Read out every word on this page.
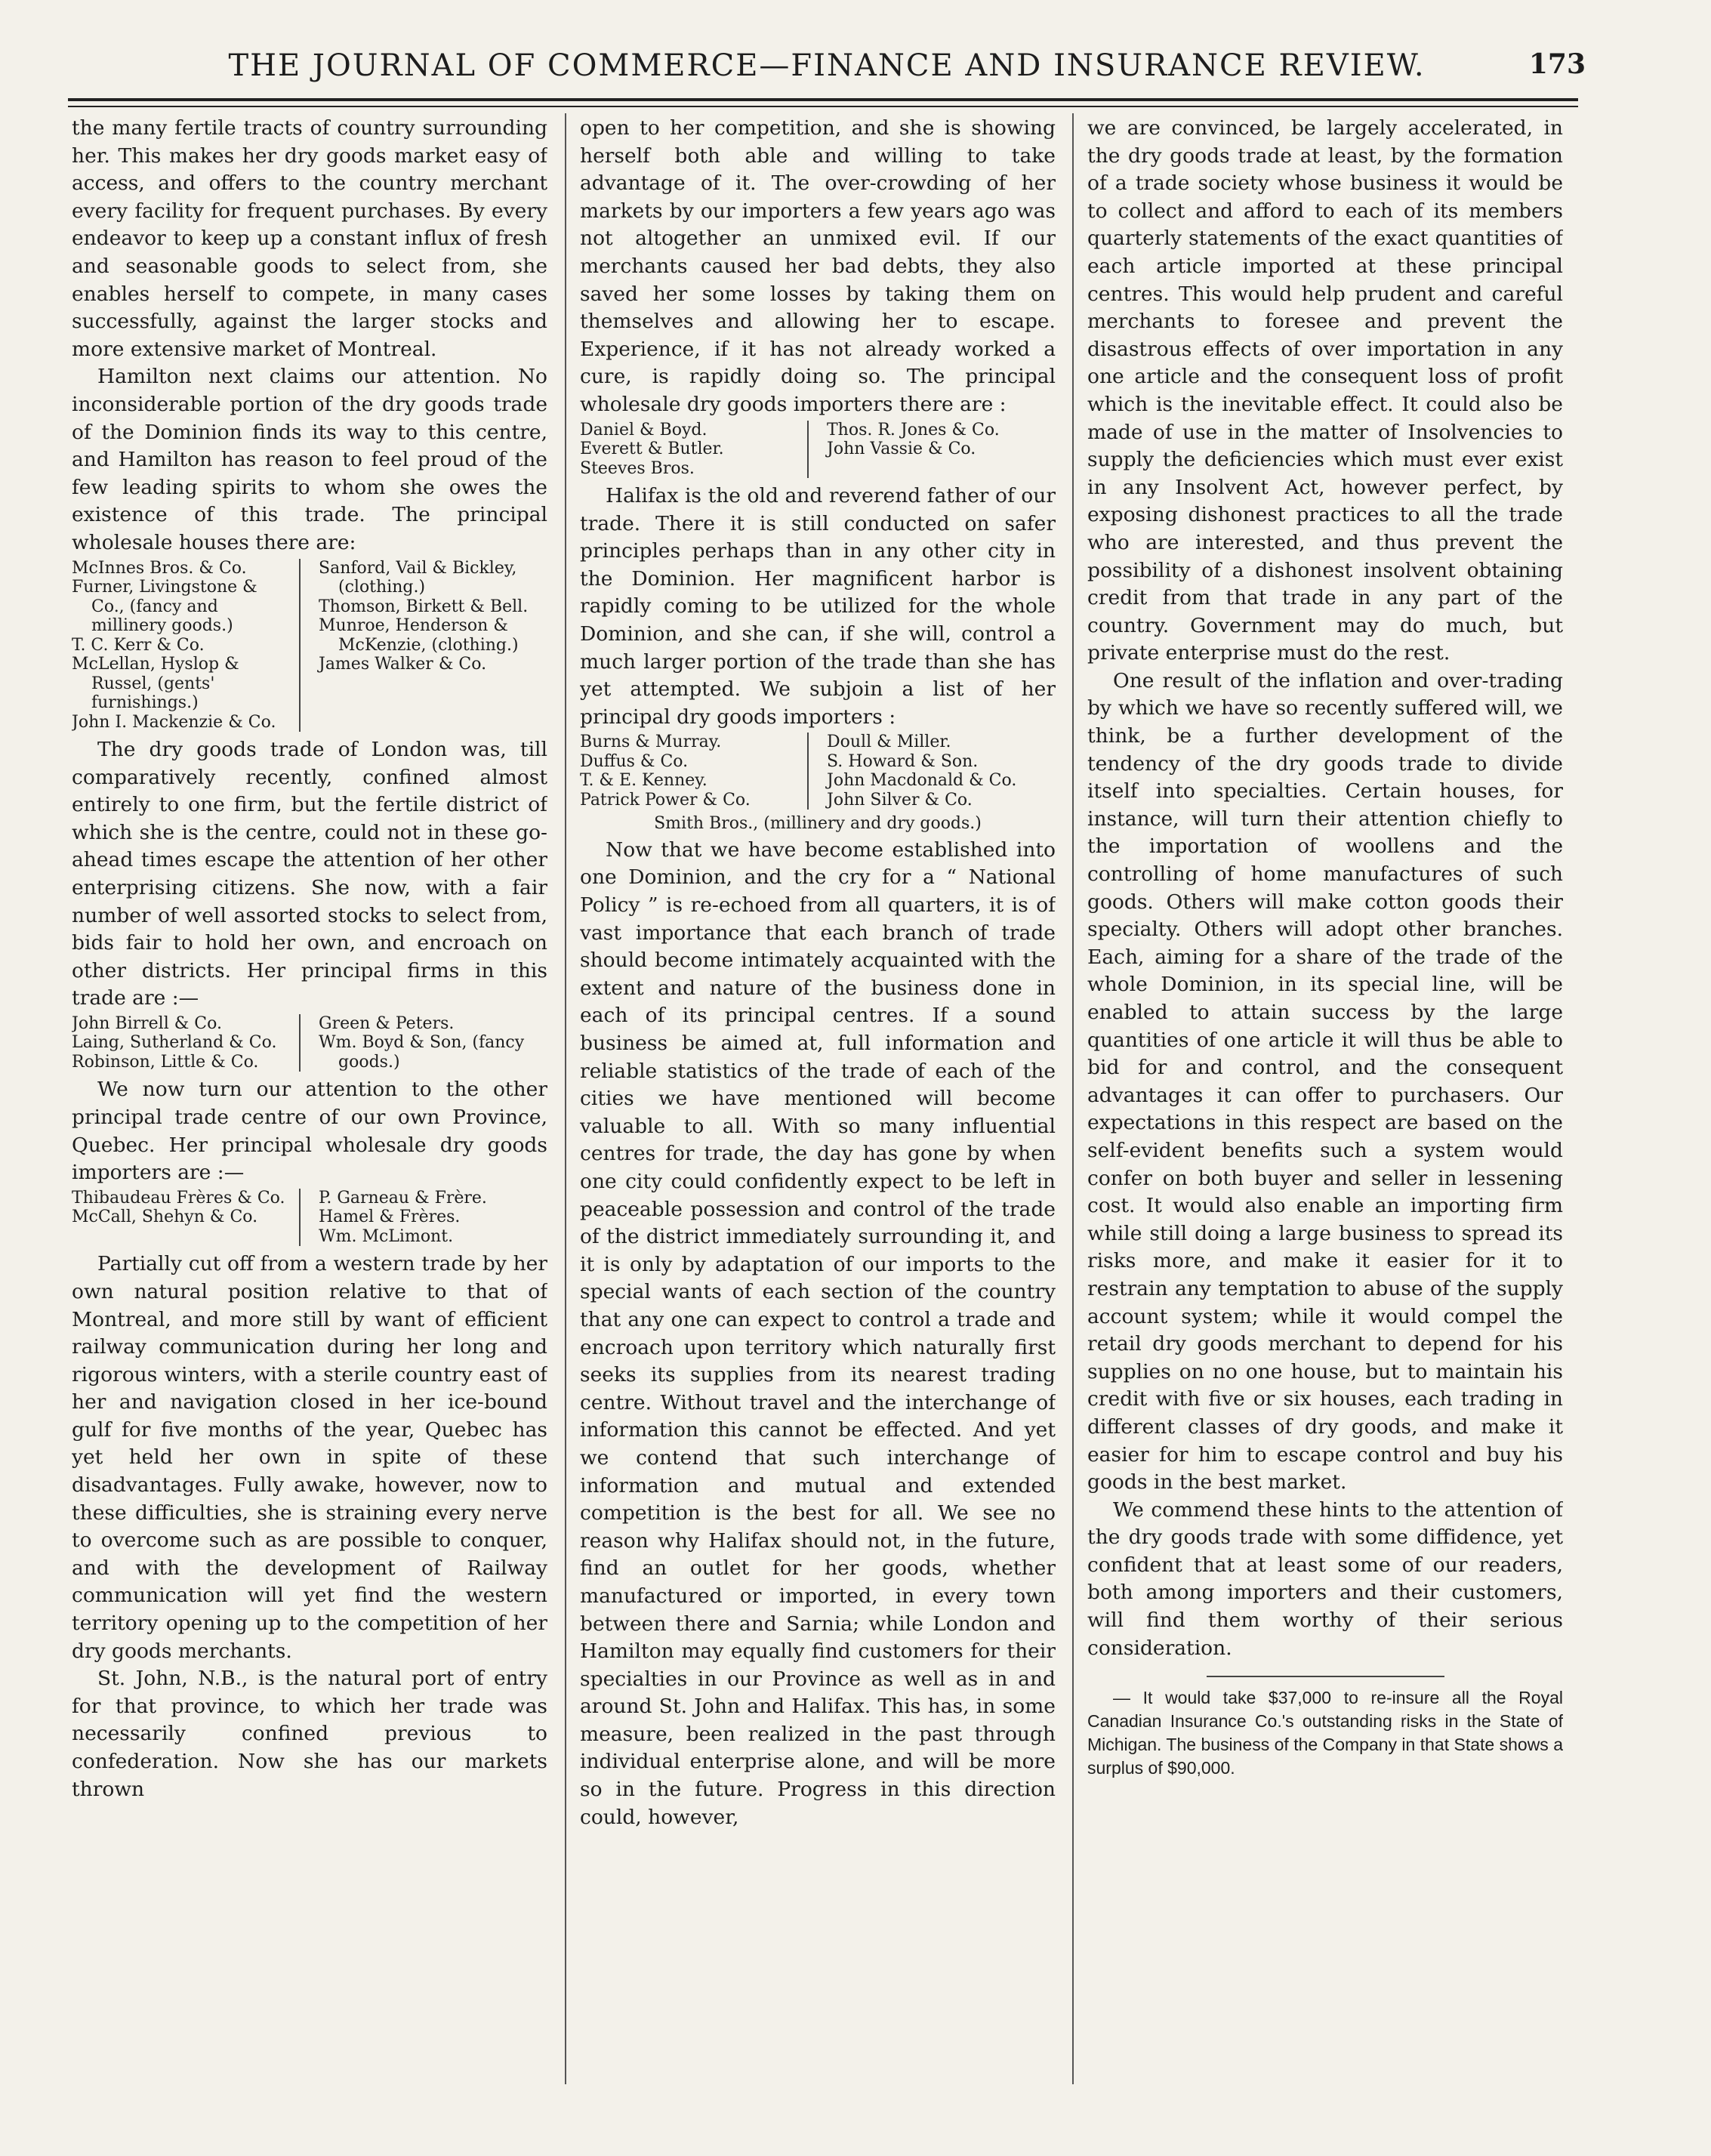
THE JOURNAL OF COMMERCE—FINANCE AND INSURANCE REVIEW.	173

the many fertile tracts of country surrounding her. This makes her dry goods market easy of access, and offers to the country merchant every facility for frequent purchases. By every endeavor to keep up a constant influx of fresh and seasonable goods to select from, she enables herself to compete, in many cases successfully, against the larger stocks and more extensive market of Montreal.

Hamilton next claims our attention. No inconsiderable portion of the dry goods trade of the Dominion finds its way to this centre, and Hamilton has reason to feel proud of the few leading spirits to whom she owes the existence of this trade. The principal wholesale houses there are:

McInnes Bros. & Co.
Furner, Livingstone & Co., (fancy and millinery goods.)
T. C. Kerr & Co.
McLellan, Hyslop & Russel, (gents' furnishings.)
John I. Mackenzie & Co.
Sanford, Vail & Bickley, (clothing.)
Thomson, Birkett & Bell.
Munroe, Henderson & McKenzie, (clothing.)
James Walker & Co.

The dry goods trade of London was, till comparatively recently, confined almost entirely to one firm, but the fertile district of which she is the centre, could not in these go-ahead times escape the attention of her other enterprising citizens. She now, with a fair number of well assorted stocks to select from, bids fair to hold her own, and encroach on other districts. Her principal firms in this trade are :—

John Birrell & Co.
Laing, Sutherland & Co.
Robinson, Little & Co.
Green & Peters.
Wm. Boyd & Son, (fancy goods.)

We now turn our attention to the other principal trade centre of our own Province, Quebec. Her principal wholesale dry goods importers are :—

Thibaudeau Frères & Co.
McCall, Shehyn & Co.
P. Garneau & Frère.
Hamel & Frères.
Wm. McLimont.

Partially cut off from a western trade by her own natural position relative to that of Montreal, and more still by want of efficient railway communication during her long and rigorous winters, with a sterile country east of her and navigation closed in her ice-bound gulf for five months of the year, Quebec has yet held her own in spite of these disadvantages. Fully awake, however, now to these difficulties, she is straining every nerve to overcome such as are possible to conquer, and with the development of Railway communication will yet find the western territory opening up to the competition of her dry goods merchants.

St. John, N.B., is the natural port of entry for that province, to which her trade was necessarily confined previous to confederation. Now she has our markets thrown

open to her competition, and she is showing herself both able and willing to take advantage of it. The over-crowding of her markets by our importers a few years ago was not altogether an unmixed evil. If our merchants caused her bad debts, they also saved her some losses by taking them on themselves and allowing her to escape. Experience, if it has not already worked a cure, is rapidly doing so. The principal wholesale dry goods importers there are :

Daniel & Boyd.
Everett & Butler.
Steeves Bros.
Thos. R. Jones & Co.
John Vassie & Co.

Halifax is the old and reverend father of our trade. There it is still conducted on safer principles perhaps than in any other city in the Dominion. Her magnificent harbor is rapidly coming to be utilized for the whole Dominion, and she can, if she will, control a much larger portion of the trade than she has yet attempted. We subjoin a list of her principal dry goods importers :

Burns & Murray.
Duffus & Co.
T. & E. Kenney.
Patrick Power & Co.
Doull & Miller.
S. Howard & Son.
John Macdonald & Co.
John Silver & Co.
Smith Bros., (millinery and dry goods.)

Now that we have become established into one Dominion, and the cry for a “ National Policy ” is re-echoed from all quarters, it is of vast importance that each branch of trade should become intimately acquainted with the extent and nature of the business done in each of its principal centres. If a sound business be aimed at, full information and reliable statistics of the trade of each of the cities we have mentioned will become valuable to all. With so many influential centres for trade, the day has gone by when one city could confidently expect to be left in peaceable possession and control of the trade of the district immediately surrounding it, and it is only by adaptation of our imports to the special wants of each section of the country that any one can expect to control a trade and encroach upon territory which naturally first seeks its supplies from its nearest trading centre. Without travel and the interchange of information this cannot be effected. And yet we contend that such interchange of information and mutual and extended competition is the best for all. We see no reason why Halifax should not, in the future, find an outlet for her goods, whether manufactured or imported, in every town between there and Sarnia; while London and Hamilton may equally find customers for their specialties in our Province as well as in and around St. John and Halifax. This has, in some measure, been realized in the past through individual enterprise alone, and will be more so in the future. Progress in this direction could, however,

we are convinced, be largely accelerated, in the dry goods trade at least, by the formation of a trade society whose business it would be to collect and afford to each of its members quarterly statements of the exact quantities of each article imported at these principal centres. This would help prudent and careful merchants to foresee and prevent the disastrous effects of over importation in any one article and the consequent loss of profit which is the inevitable effect. It could also be made of use in the matter of Insolvencies to supply the deficiencies which must ever exist in any Insolvent Act, however perfect, by exposing dishonest practices to all the trade who are interested, and thus prevent the possibility of a dishonest insolvent obtaining credit from that trade in any part of the country. Government may do much, but private enterprise must do the rest.

One result of the inflation and over-trading by which we have so recently suffered will, we think, be a further development of the tendency of the dry goods trade to divide itself into specialties. Certain houses, for instance, will turn their attention chiefly to the importation of woollens and the controlling of home manufactures of such goods. Others will make cotton goods their specialty. Others will adopt other branches. Each, aiming for a share of the trade of the whole Dominion, in its special line, will be enabled to attain success by the large quantities of one article it will thus be able to bid for and control, and the consequent advantages it can offer to purchasers. Our expectations in this respect are based on the self-evident benefits such a system would confer on both buyer and seller in lessening cost. It would also enable an importing firm while still doing a large business to spread its risks more, and make it easier for it to restrain any temptation to abuse of the supply account system; while it would compel the retail dry goods merchant to depend for his supplies on no one house, but to maintain his credit with five or six houses, each trading in different classes of dry goods, and make it easier for him to escape control and buy his goods in the best market.

We commend these hints to the attention of the dry goods trade with some diffidence, yet confident that at least some of our readers, both among importers and their customers, will find them worthy of their serious consideration.

— It would take $37,000 to re-insure all the Royal Canadian Insurance Co.'s outstanding risks in the State of Michigan. The business of the Company in that State shows a surplus of $90,000.
